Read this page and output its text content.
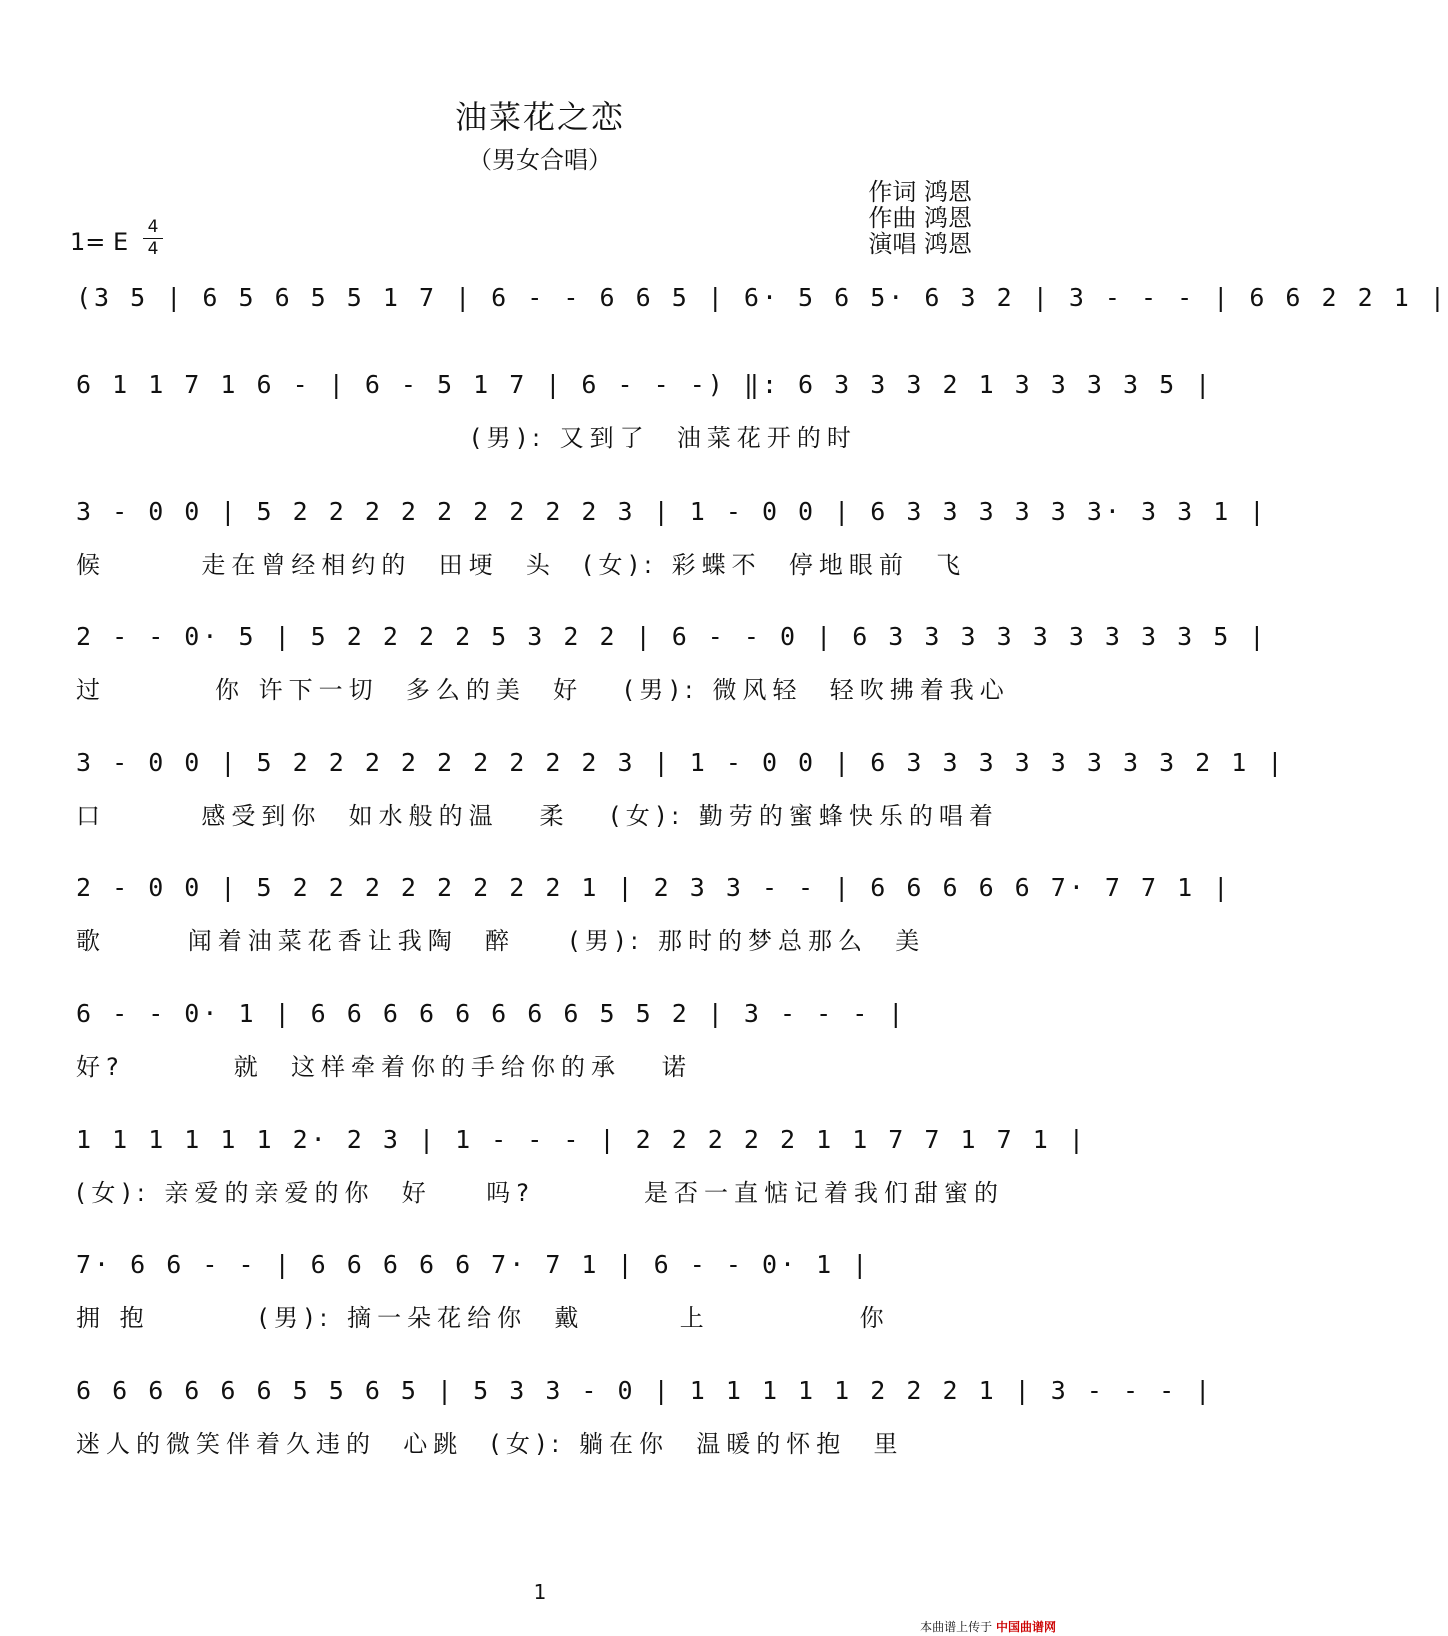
油菜花之恋
（男女合唱）
作词 鸿恩
作曲 鸿恩
演唱 鸿恩
1= E
4
4
(3 5 | 6 5 6 5 5 1 7 | 6 - - 6 6 5 | 6· 5 6 5· 6 3 2 | 3 - - - | 6 6 2 2 1 |
6 1 1 7 1 6 - | 6 - 5 1 7 | 6 - - -) ‖: 6 3 3 3 2 1 3 3 3 3 5 |
(男): 又到了  油菜花开的时
3 - 0 0 | 5 2 2 2 2 2 2 2 2 2 3 | 1 - 0 0 | 6 3 3 3 3 3 3· 3 3 1 |
候       走在曾经相约的  田埂  头  (女): 彩蝶不  停地眼前  飞
2 - - 0· 5 | 5 2 2 2 2 5 3 2 2 | 6 - - 0 | 6 3 3 3 3 3 3 3 3 3 5 |
过        你 许下一切  多么的美  好   (男): 微风轻  轻吹拂着我心
3 - 0 0 | 5 2 2 2 2 2 2 2 2 2 3 | 1 - 0 0 | 6 3 3 3 3 3 3 3 3 2 1 |
口       感受到你  如水般的温   柔   (女): 勤劳的蜜蜂快乐的唱着
2 - 0 0 | 5 2 2 2 2 2 2 2 2 1 | 2 3 3 - - | 6 6 6 6 6 7· 7 7 1 |
歌      闻着油菜花香让我陶  醉    (男): 那时的梦总那么  美
6 - - 0· 1 | 6 6 6 6 6 6 6 6 5 5 2 | 3 - - - |
好?        就  这样牵着你的手给你的承   诺
1 1 1 1 1 1 2· 2 3 | 1 - - - | 2 2 2 2 2 1 1 7 7 1 7 1 |
(女): 亲爱的亲爱的你  好    吗?        是否一直惦记着我们甜蜜的
7· 6 6 - - | 6 6 6 6 6 7· 7 1 | 6 - - 0· 1 |
拥 抱        (男): 摘一朵花给你  戴       上           你
6 6 6 6 6 6 5 5 6 5 | 5 3 3 - 0 | 1 1 1 1 1 2 2 2 1 | 3 - - - |
迷人的微笑伴着久违的  心跳  (女): 躺在你  温暖的怀抱  里
1
本曲谱上传于 中国曲谱网
